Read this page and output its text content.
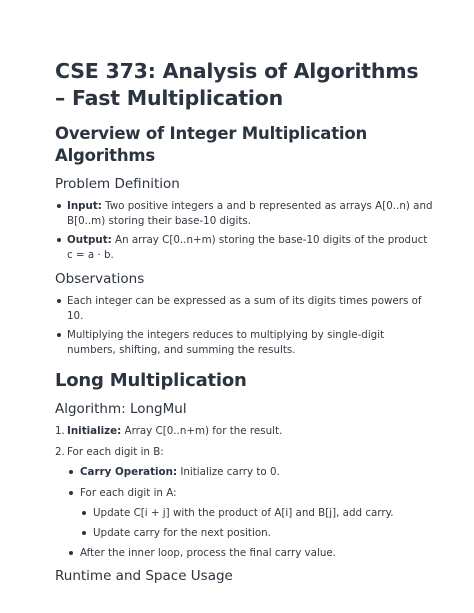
CSE 373: Analysis of Algorithms – Fast Multiplication
Overview of Integer Multiplication Algorithms
Problem Definition
Input: Two positive integers a and b represented as arrays A[0..n) and B[0..m) storing their base-10 digits.
Output: An array C[0..n+m) storing the base-10 digits of the product c = a · b.
Observations
Each integer can be expressed as a sum of its digits times powers of 10.
Multiplying the integers reduces to multiplying by single-digit numbers, shifting, and summing the results.
Long Multiplication
Algorithm: LongMul
1. Initialize: Array C[0..n+m) for the result.
2. For each digit in B:
Carry Operation: Initialize carry to 0.
For each digit in A:
Update C[i + j] with the product of A[i] and B[j], add carry.
Update carry for the next position.
After the inner loop, process the final carry value.
Runtime and Space Usage
